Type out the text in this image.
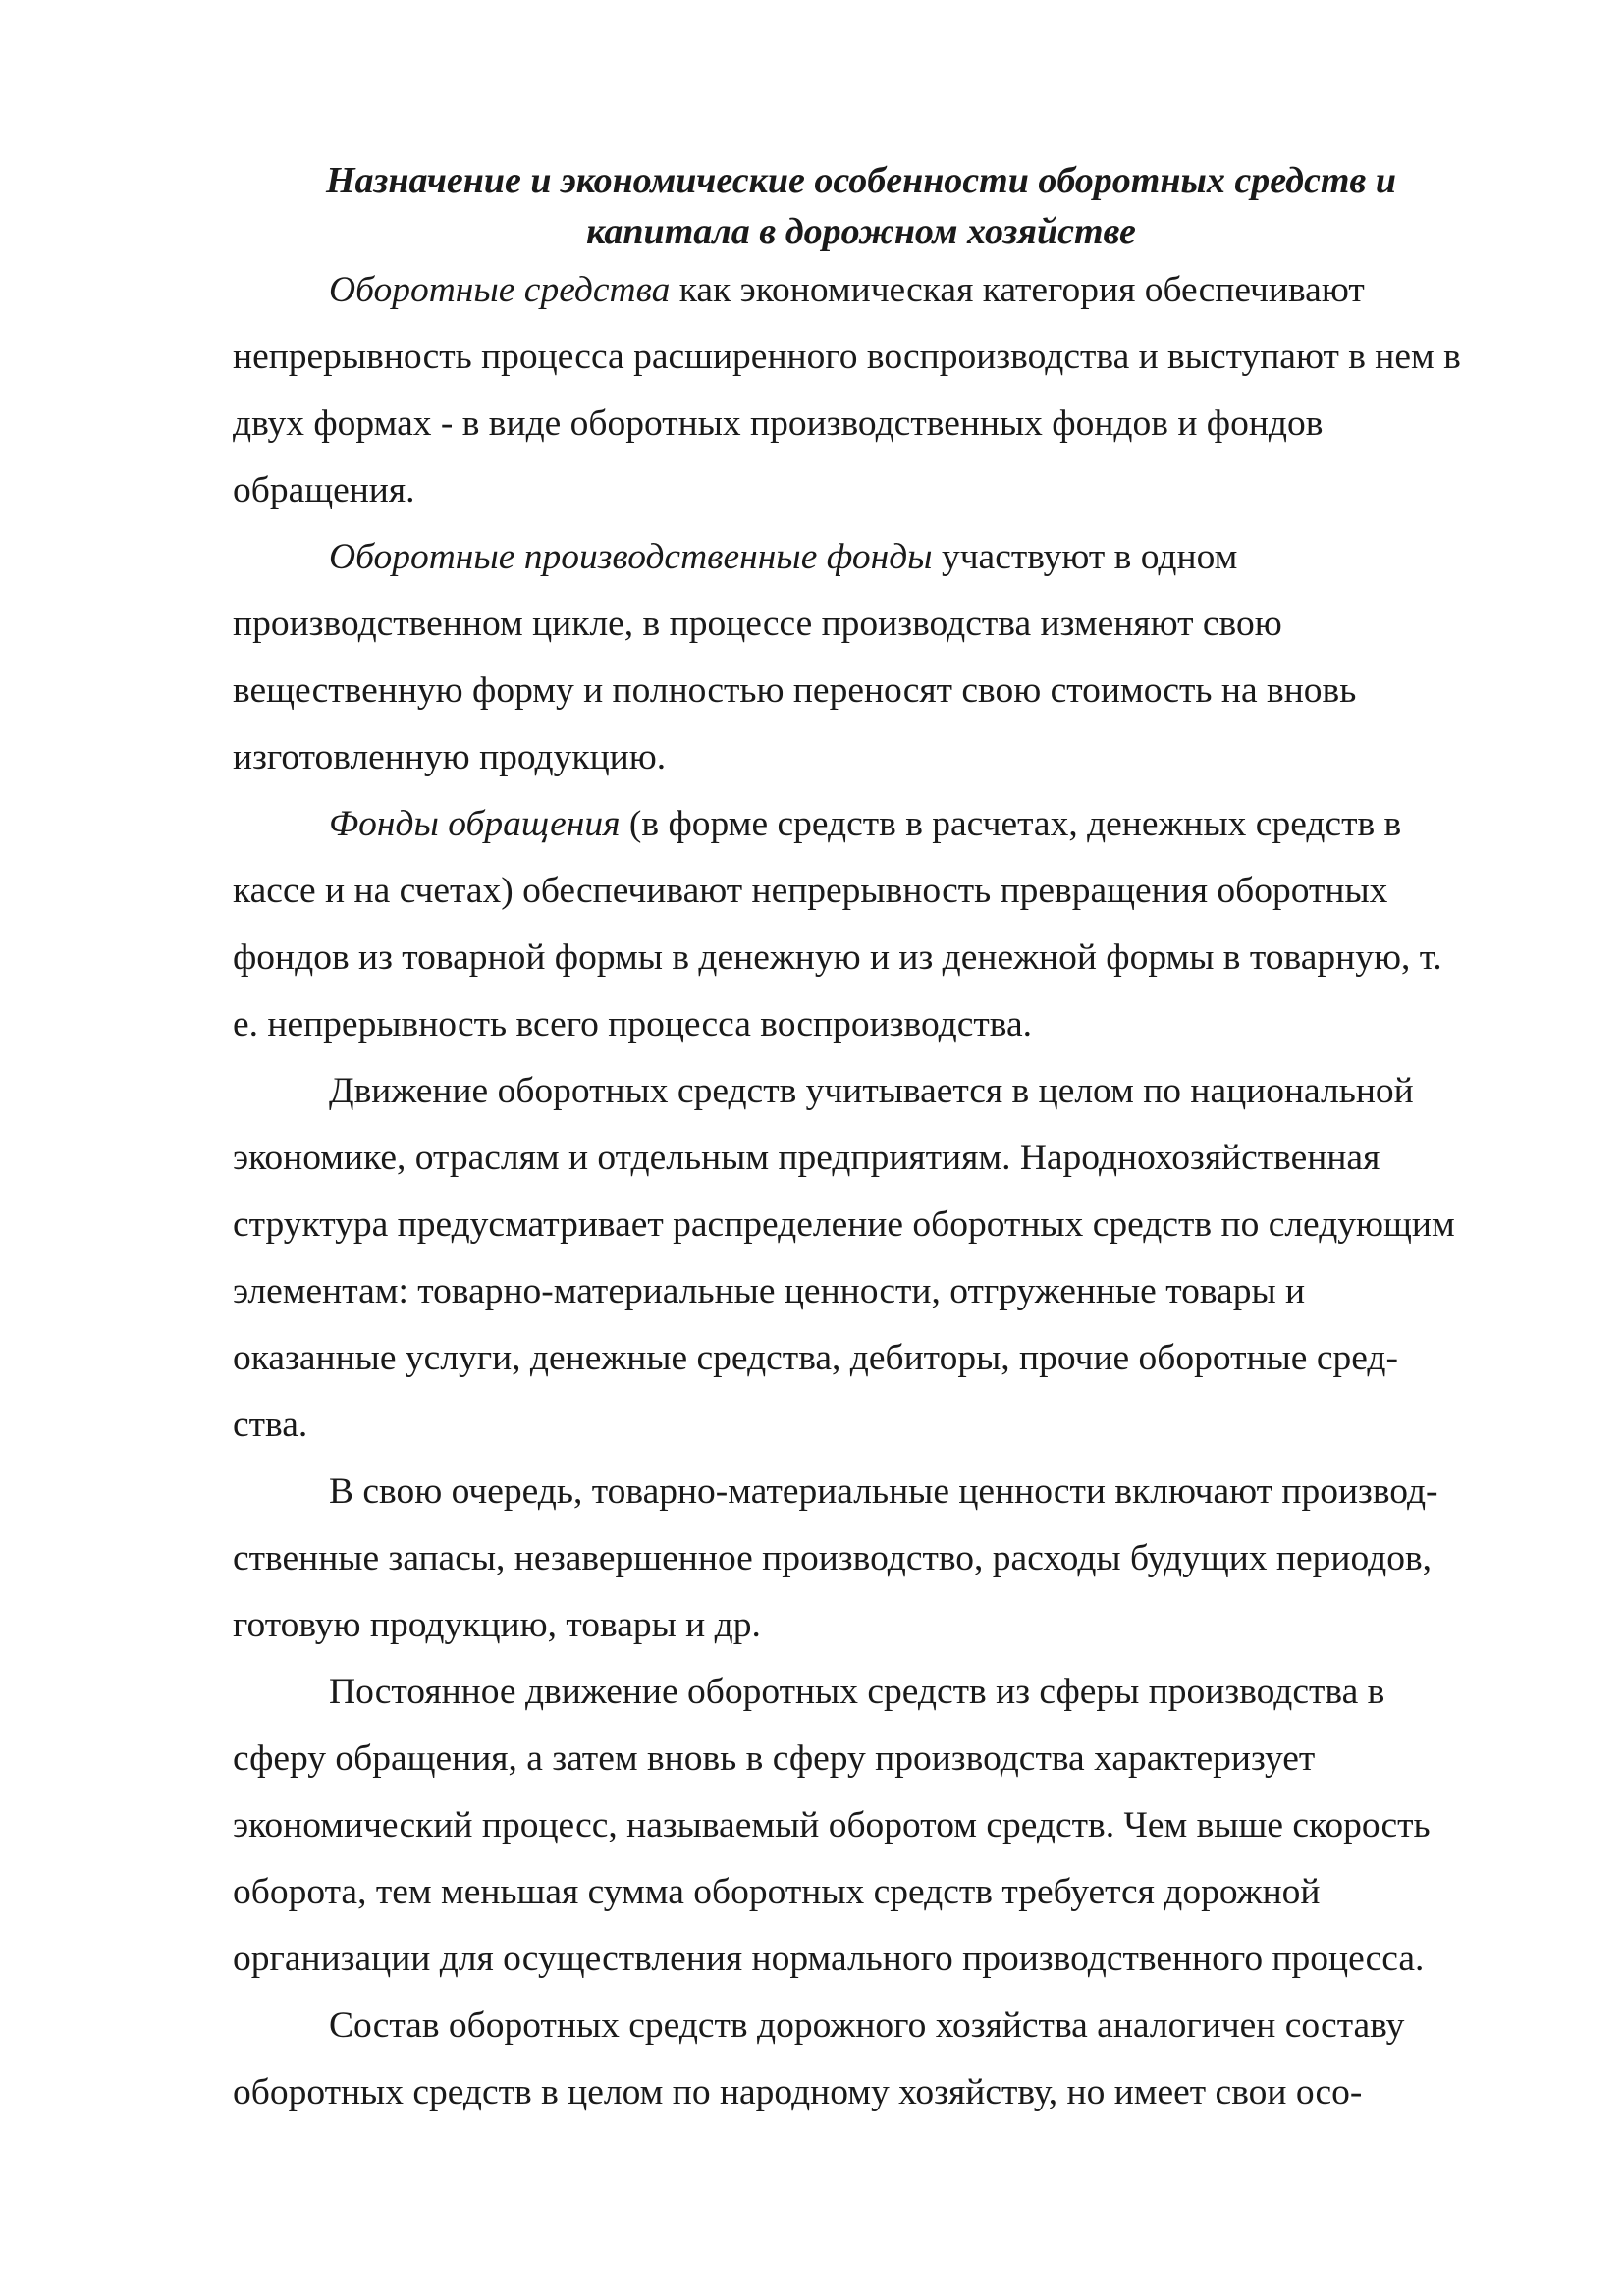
Назначение и экономические особенности оборотных средств и
капитала в дорожном хозяйстве

Оборотные средства как экономическая категория обеспечивают
непрерывность процесса расширенного воспроизводства и выступают в нем в
двух формах - в виде оборотных производственных фондов и фондов
обращения.

Оборотные производственные фонды участвуют в одном
производственном цикле, в процессе производства изменяют свою
вещественную форму и полностью переносят свою стоимость на вновь
изготовленную продукцию.

Фонды обращения (в форме средств в расчетах, денежных средств в
кассе и на счетах) обеспечивают непрерывность превращения оборотных
фондов из товарной формы в денежную и из денежной формы в товарную, т.
е. непрерывность всего процесса воспроизводства.

Движение оборотных средств учитывается в целом по национальной
экономике, отраслям и отдельным предприятиям. Народнохозяйственная
структура предусматривает распределение оборотных средств по следующим
элементам: товарно-материальные ценности, отгруженные товары и
оказанные услуги, денежные средства, дебиторы, прочие оборотные сред-
ства.

В свою очередь, товарно-материальные ценности включают производ-
ственные запасы, незавершенное производство, расходы будущих периодов,
готовую продукцию, товары и др.

Постоянное движение оборотных средств из сферы производства в
сферу обращения, а затем вновь в сферу производства характеризует
экономический процесс, называемый оборотом средств. Чем выше скорость
оборота, тем меньшая сумма оборотных средств требуется дорожной
организации для осуществления нормального производственного процесса.

Состав оборотных средств дорожного хозяйства аналогичен составу
оборотных средств в целом по народному хозяйству, но имеет свои осо-
